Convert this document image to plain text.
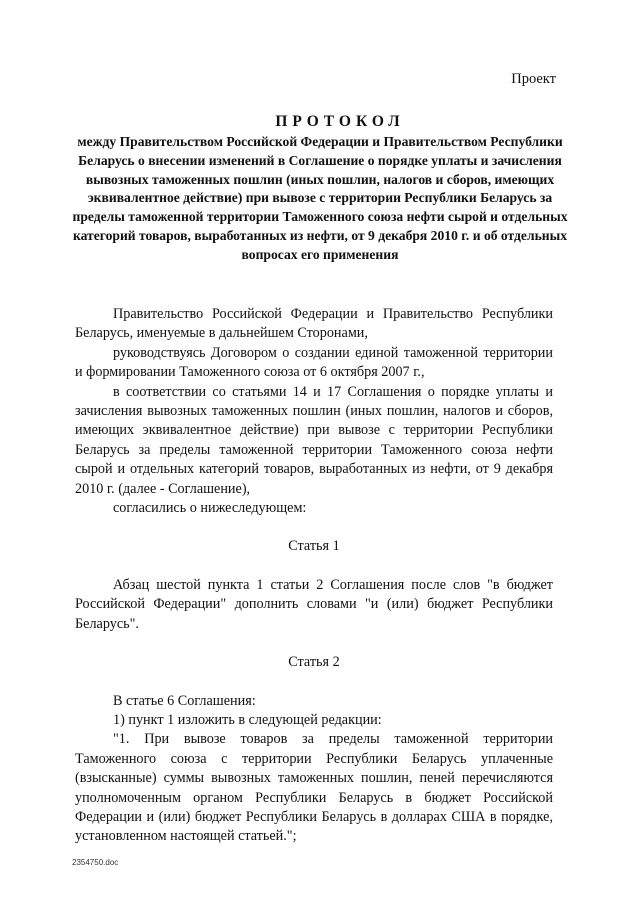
Проект
ПРОТОКОЛ
между Правительством Российской Федерации и Правительством Республики Беларусь о внесении изменений в Соглашение о порядке уплаты и зачисления вывозных таможенных пошлин (иных пошлин, налогов и сборов, имеющих эквивалентное действие) при вывозе с территории Республики Беларусь за пределы таможенной территории Таможенного союза нефти сырой и отдельных категорий товаров, выработанных из нефти, от 9 декабря 2010 г. и об отдельных вопросах его применения

Правительство Российской Федерации и Правительство Республики Беларусь, именуемые в дальнейшем Сторонами,

руководствуясь Договором о создании единой таможенной территории и формировании Таможенного союза от 6 октября 2007 г.,

в соответствии со статьями 14 и 17 Соглашения о порядке уплаты и зачисления вывозных таможенных пошлин (иных пошлин, налогов и сборов, имеющих эквивалентное действие) при вывозе с территории Республики Беларусь за пределы таможенной территории Таможенного союза нефти сырой и отдельных категорий товаров, выработанных из нефти, от 9 декабря 2010 г. (далее - Соглашение),

согласились о нижеследующем:

Статья 1

Абзац шестой пункта 1 статьи 2 Соглашения после слов "в бюджет Российской Федерации" дополнить словами "и (или) бюджет Республики Беларусь".

Статья 2

В статье 6 Соглашения:

1) пункт 1 изложить в следующей редакции:

"1. При вывозе товаров за пределы таможенной территории Таможенного союза с территории Республики Беларусь уплаченные (взысканные) суммы вывозных таможенных пошлин, пеней перечисляются уполномоченным органом Республики Беларусь в бюджет Российской Федерации и (или) бюджет Республики Беларусь в долларах США в порядке, установленном настоящей статьей.";

2354750.doc
